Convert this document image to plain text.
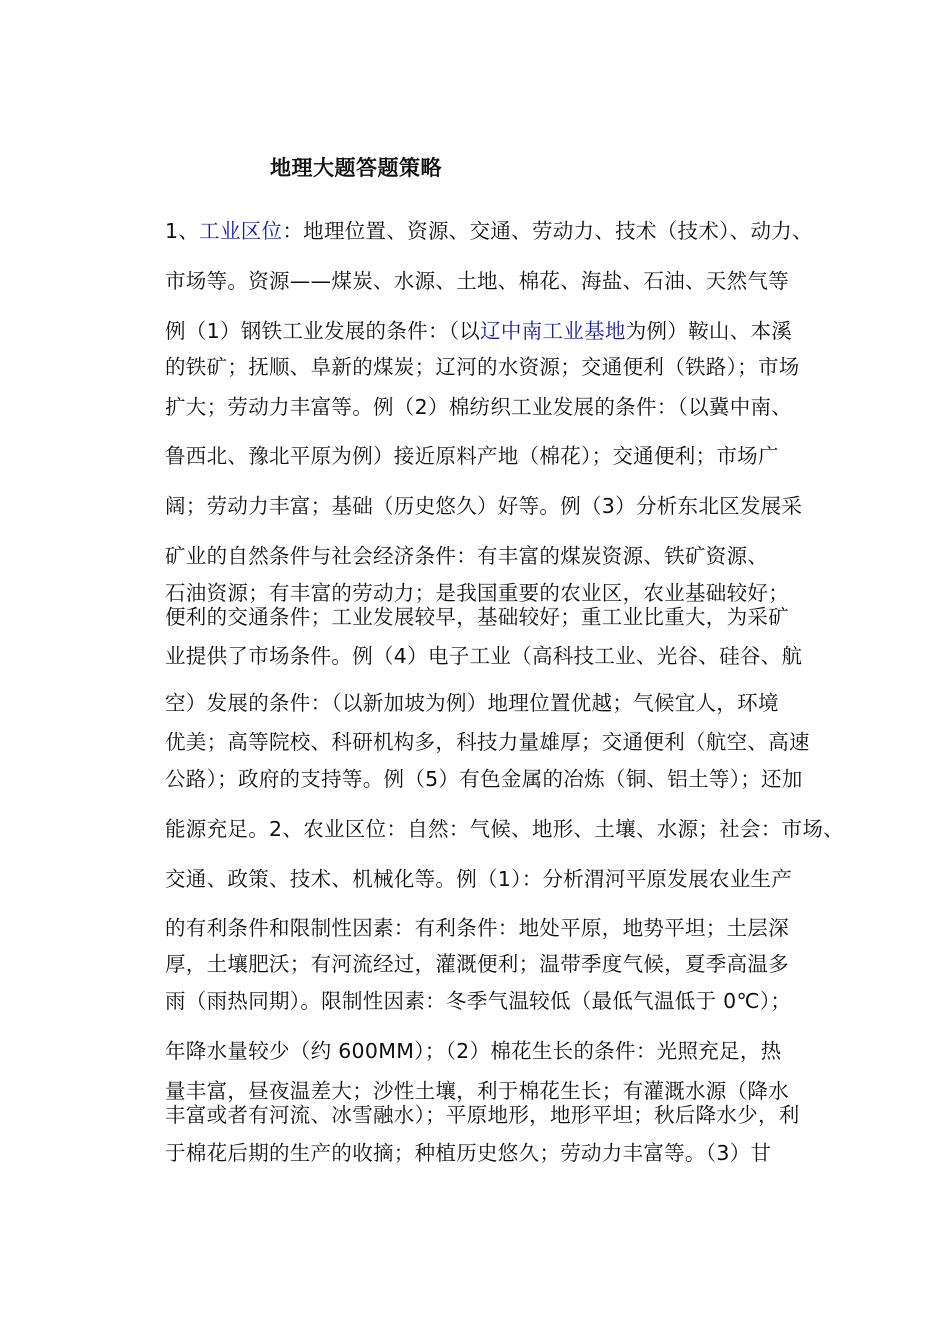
地理大题答题策略
1、工业区位：地理位置、资源、交通、劳动力、技术（技术）、动力、
市场等。资源——煤炭、水源、土地、棉花、海盐、石油、天然气等
例（1）钢铁工业发展的条件：（以辽中南工业基地为例）鞍山、本溪
的铁矿；抚顺、阜新的煤炭；辽河的水资源；交通便利（铁路）；市场
扩大；劳动力丰富等。例（2）棉纺织工业发展的条件：（以冀中南、
鲁西北、豫北平原为例）接近原料产地（棉花）；交通便利；市场广
阔；劳动力丰富；基础（历史悠久）好等。例（3）分析东北区发展采
矿业的自然条件与社会经济条件：有丰富的煤炭资源、铁矿资源、
石油资源；有丰富的劳动力；是我国重要的农业区，农业基础较好；
便利的交通条件；工业发展较早，基础较好；重工业比重大，为采矿
业提供了市场条件。例（4）电子工业（高科技工业、光谷、硅谷、航
空）发展的条件：（以新加坡为例）地理位置优越；气候宜人，环境
优美；高等院校、科研机构多，科技力量雄厚；交通便利（航空、高速
公路）；政府的支持等。例（5）有色金属的冶炼（铜、铝土等）；还加
能源充足。2、农业区位：自然：气候、地形、土壤、水源；社会：市场、
交通、政策、技术、机械化等。例（1）：分析渭河平原发展农业生产
的有利条件和限制性因素：有利条件：地处平原，地势平坦；土层深
厚，土壤肥沃；有河流经过，灌溉便利；温带季度气候，夏季高温多
雨（雨热同期）。限制性因素：冬季气温较低（最低气温低于 0℃）；
年降水量较少（约 600MM）；（2）棉花生长的条件：光照充足，热
量丰富，昼夜温差大；沙性土壤，利于棉花生长；有灌溉水源（降水
丰富或者有河流、冰雪融水）；平原地形，地形平坦；秋后降水少，利
于棉花后期的生产的收摘；种植历史悠久；劳动力丰富等。（3）甘
